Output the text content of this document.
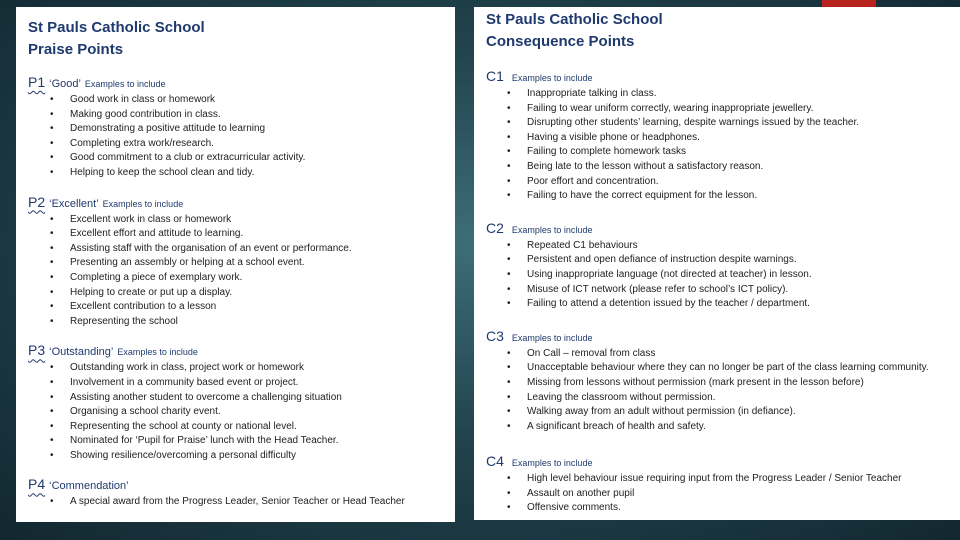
St Pauls Catholic School
Praise Points
P1 ‘Good’ Examples to include
• Good work in class or homework
• Making good contribution in class.
• Demonstrating a positive attitude to learning
• Completing extra work/research.
• Good commitment to a club or extracurricular activity.
• Helping to keep the school clean and tidy.
P2 ‘Excellent’ Examples to include
• Excellent work in class or homework
• Excellent effort and attitude to learning.
• Assisting staff with the organisation of an event or performance.
• Presenting an assembly or helping at a school event.
• Completing a piece of exemplary work.
• Helping to create or put up a display.
• Excellent contribution to a lesson
• Representing the school
P3 ‘Outstanding’ Examples to include
• Outstanding work in class, project work or homework
• Involvement in a community based event or project.
• Assisting another student to overcome a challenging situation
• Organising a school charity event.
• Representing the school at county or national level.
• Nominated for ‘Pupil for Praise’ lunch with the Head Teacher.
• Showing resilience/overcoming a personal difficulty
P4 ‘Commendation’
• A special award from the Progress Leader, Senior Teacher or Head Teacher
St Pauls Catholic School
Consequence Points
C1 Examples to include
• Inappropriate talking in class.
• Failing to wear uniform correctly, wearing inappropriate jewellery.
• Disrupting other students’ learning, despite warnings issued by the teacher.
• Having a visible phone or headphones.
• Failing to complete homework tasks
• Being late to the lesson without a satisfactory reason.
• Poor effort and concentration.
• Failing to have the correct equipment for the lesson.
C2 Examples to include
• Repeated C1 behaviours
• Persistent and open defiance of instruction despite warnings.
• Using inappropriate language (not directed at teacher) in lesson.
• Misuse of ICT network (please refer to school’s ICT policy).
• Failing to attend a detention issued by the teacher / department.
C3 Examples to include
• On Call – removal from class
• Unacceptable behaviour where they can no longer be part of the class learning community.
• Missing from lessons without permission (mark present in the lesson before)
• Leaving the classroom without permission.
• Walking away from an adult without permission (in defiance).
• A significant breach of health and safety.
C4 Examples to include
• High level behaviour issue requiring input from the Progress Leader / Senior Teacher
• Assault on another pupil
• Offensive comments.
